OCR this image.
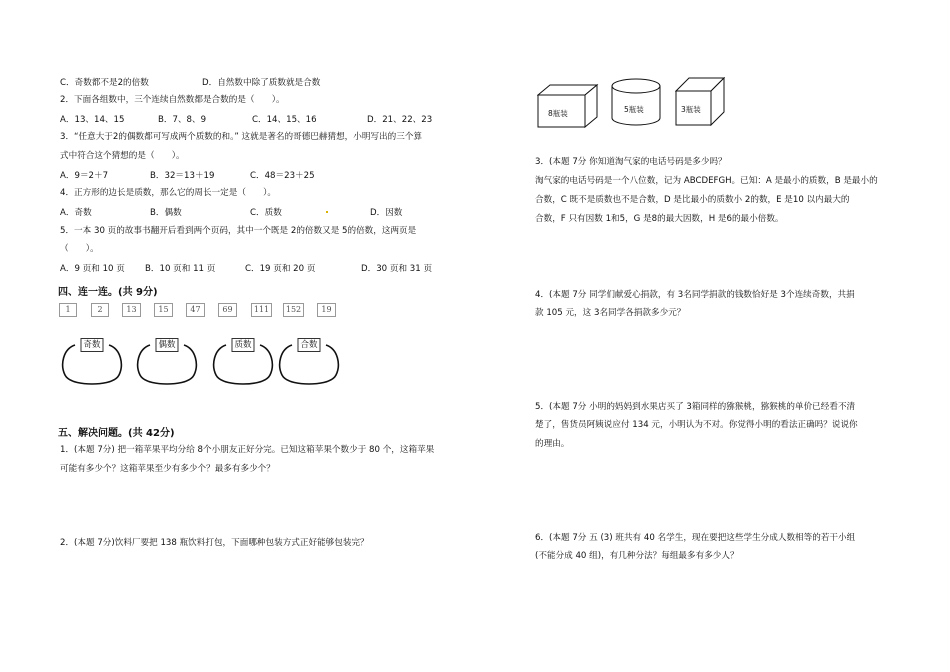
C．奇数都不是2的倍数	D．自然数中除了质数就是合数
2．下面各组数中，三个连续自然数都是合数的是（　　）。
A．13、14、15	B．7、8、9	C．14、15、16	D．21、22、23
3．“任意大于2的偶数都可写成两个质数的和。” 这就是著名的哥德巴赫猜想，小明写出的三个算
式中符合这个猜想的是（　　）。
A．9＝2＋7	B．32＝13＋19	C．48＝23＋25
4．正方形的边长是质数，那么它的周长一定是（　　）。
A．奇数	B．偶数	C．质数	D．因数
5．一本 30 页的故事书翻开后看到两个页码，其中一个既是 2的倍数又是 5的倍数，这两页是
（　　）。
A．9 页和 10 页 B．10 页和 11 页	C．19 页和 20 页	D．30 页和 31 页
四、连一连。(共 9分)
1	2	13	15	47	69	111	152	19
奇数	偶数	质数	合数
五、解决问题。(共 42分)
1．(本题 7分) 把一箱苹果平均分给 8个小朋友正好分完。已知这箱苹果个数少于 80 个，这箱苹果
可能有多少个？这箱苹果至少有多少个？最多有多少个？
2．(本题 7分)饮料厂要把 138 瓶饮料打包，下面哪种包装方式正好能够包装完？
8瓶装	5瓶装	3瓶装
3．(本题 7分 你知道淘气家的电话号码是多少吗？
淘气家的电话号码是一个八位数，记为 ABCDEFGH。已知：A 是最小的质数，B 是最小的
合数，C 既不是质数也不是合数，D 是比最小的质数小 2的数，E 是10 以内最大的
合数，F 只有因数 1和5，G 是8的最大因数，H 是6的最小倍数。
4．(本题 7分 同学们献爱心捐款，有 3名同学捐款的钱数恰好是 3个连续奇数，共捐
款 105 元，这 3名同学各捐款多少元？
5．(本题 7分 小明的妈妈到水果店买了 3箱同样的猕猴桃，猕猴桃的单价已经看不清
楚了，售货员阿姨说应付 134 元，小明认为不对。你觉得小明的看法正确吗？说说你
的理由。
6．(本题 7分 五 (3) 班共有 40 名学生，现在要把这些学生分成人数相等的若干小组
(不能分成 40 组)，有几种分法？每组最多有多少人？
